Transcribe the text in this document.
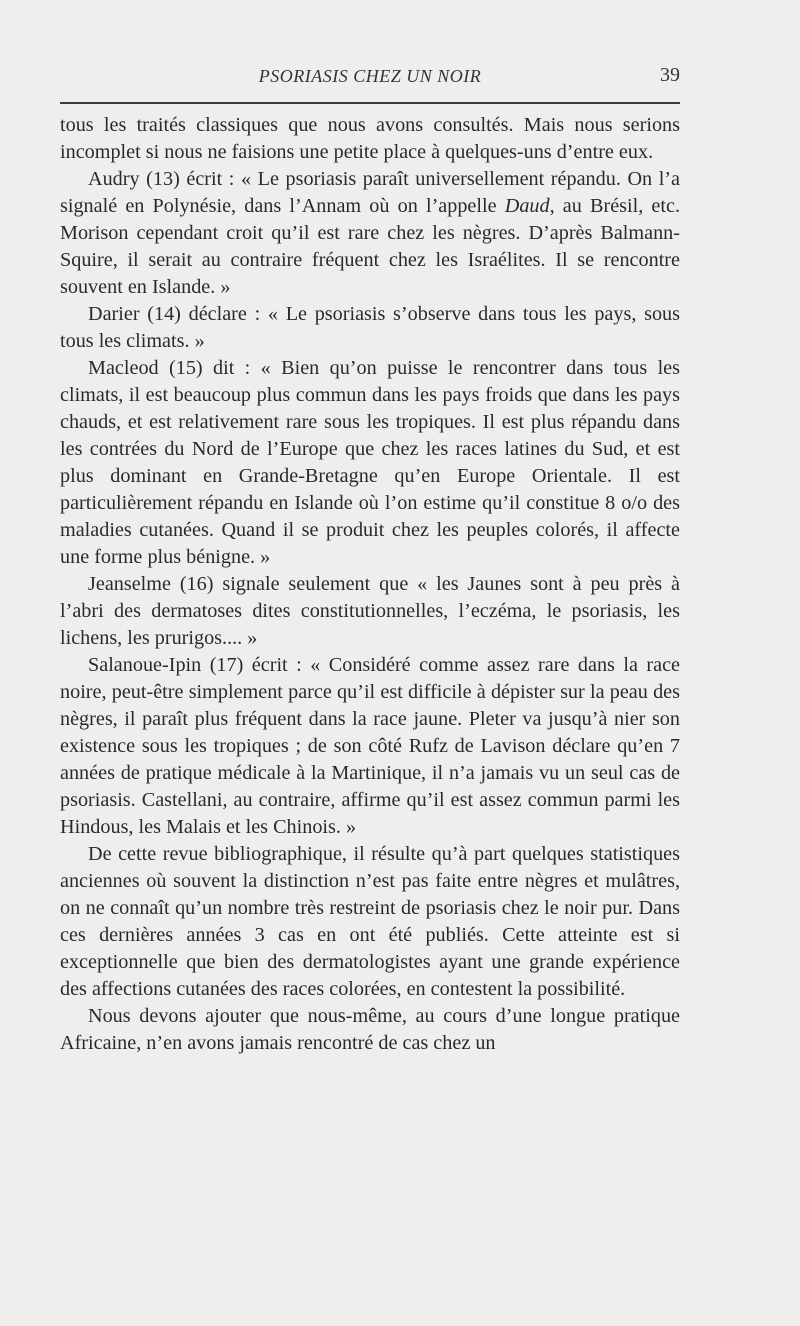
PSORIASIS CHEZ UN NOIR	39

tous les traités classiques que nous avons consultés. Mais nous serions incomplet si nous ne faisions une petite place à quelques-uns d’entre eux.

Audry (13) écrit : « Le psoriasis paraît universellement répandu. On l’a signalé en Polynésie, dans l’Annam où on l’appelle Daud, au Brésil, etc. Morison cependant croit qu’il est rare chez les nègres. D’après Balmann-Squire, il serait au contraire fréquent chez les Israélites. Il se rencontre souvent en Islande. »

Darier (14) déclare : « Le psoriasis s’observe dans tous les pays, sous tous les climats. »

Macleod (15) dit : « Bien qu’on puisse le rencontrer dans tous les climats, il est beaucoup plus commun dans les pays froids que dans les pays chauds, et est relativement rare sous les tropiques. Il est plus répandu dans les contrées du Nord de l’Europe que chez les races latines du Sud, et est plus dominant en Grande-Bretagne qu’en Europe Orientale. Il est particulièrement répandu en Islande où l’on estime qu’il constitue 8 o/o des maladies cutanées. Quand il se produit chez les peuples colorés, il affecte une forme plus bénigne. »

Jeanselme (16) signale seulement que « les Jaunes sont à peu près à l’abri des dermatoses dites constitutionnelles, l’eczéma, le psoriasis, les lichens, les prurigos.... »

Salanoue-Ipin (17) écrit : « Considéré comme assez rare dans la race noire, peut-être simplement parce qu’il est difficile à dépister sur la peau des nègres, il paraît plus fréquent dans la race jaune. Pleter va jusqu’à nier son existence sous les tropiques ; de son côté Rufz de Lavison déclare qu’en 7 années de pratique médicale à la Martinique, il n’a jamais vu un seul cas de psoriasis. Castellani, au contraire, affirme qu’il est assez commun parmi les Hindous, les Malais et les Chinois. »

De cette revue bibliographique, il résulte qu’à part quelques statistiques anciennes où souvent la distinction n’est pas faite entre nègres et mulâtres, on ne connaît qu’un nombre très restreint de psoriasis chez le noir pur. Dans ces dernières années 3 cas en ont été publiés. Cette atteinte est si exceptionnelle que bien des dermatologistes ayant une grande expérience des affections cutanées des races colorées, en contestent la possibilité.

Nous devons ajouter que nous-même, au cours d’une longue pratique Africaine, n’en avons jamais rencontré de cas chez un
